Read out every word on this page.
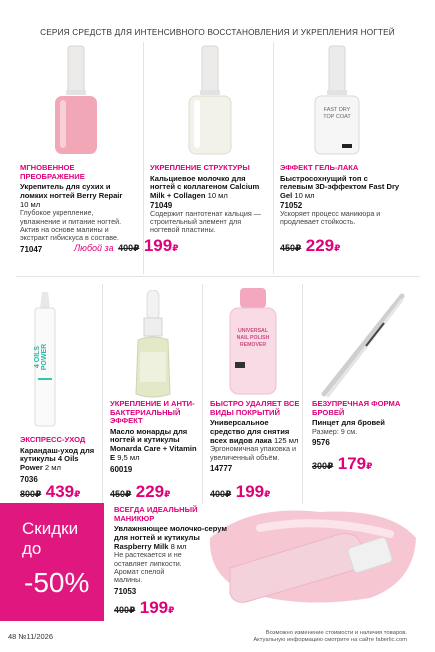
СЕРИЯ СРЕДСТВ ДЛЯ ИНТЕНСИВНОГО ВОССТАНОВЛЕНИЯ И УКРЕПЛЕНИЯ НОГТЕЙ
FAST DRY TOP COAT
МГНОВЕННОЕ ПРЕОБРАЖЕНИЕ
Укрепитель для сухих и ломких ногтей Berry Repair 10 мл
Глубокое укрепление, увлажнение и питание ногтей. Актив на основе малины и экстракт гибискуса в составе.
71047
УКРЕПЛЕНИЕ СТРУКТУРЫ
Кальциевое молочко для ногтей с коллагеном Calcium Milk + Collagen 10 мл
71049
Содержит пантотенат кальция — строительный элемент для ногтевой пластины.
ЭФФЕКТ ГЕЛЬ-ЛАКА
Быстросохнущий топ с гелевым 3D-эффектом Fast Dry Gel 10 мл
71052
Ускоряет процесс маникюра и продлевает стойкость.
Любой за 400₽ 199₽	450₽ 229₽
4 OILS POWER
UNIVERSAL NAIL POLISH REMOVER
ЭКСПРЕСС-УХОД
Карандаш-уход для кутикулы 4 Oils Power 2 мл
7036
УКРЕПЛЕНИЕ И АНТИ-БАКТЕРИАЛЬНЫЙ ЭФФЕКТ
Масло монарды для ногтей и кутикулы Monarda Care + Vitamin E 9,5 мл
60019
БЫСТРО УДАЛЯЕТ ВСЕ ВИДЫ ПОКРЫТИЙ
Универсальное средство для снятия всех видов лака 125 мл
Эргономичная упаковка и увеличенный объём.
14777
БЕЗУПРЕЧНАЯ ФОРМА БРОВЕЙ
Пинцет для бровей
Размер: 9 см.
9576
800₽ 439₽	450₽ 229₽	400₽ 199₽
300₽ 179₽
Скидки
до
-50%
ВСЕГДА ИДЕАЛЬНЫЙ МАНИКЮР
Увлажняющее молочко-серум для ногтей и кутикулы Raspberry Milk 8 мл
Не растекается и не оставляет липкости. Аромат спелой малины.
71053
400₽ 199₽
48 №11/2026	Возможно изменение стоимости и наличия товаров.
Актуальную информацию смотрите на сайте faberlic.com
